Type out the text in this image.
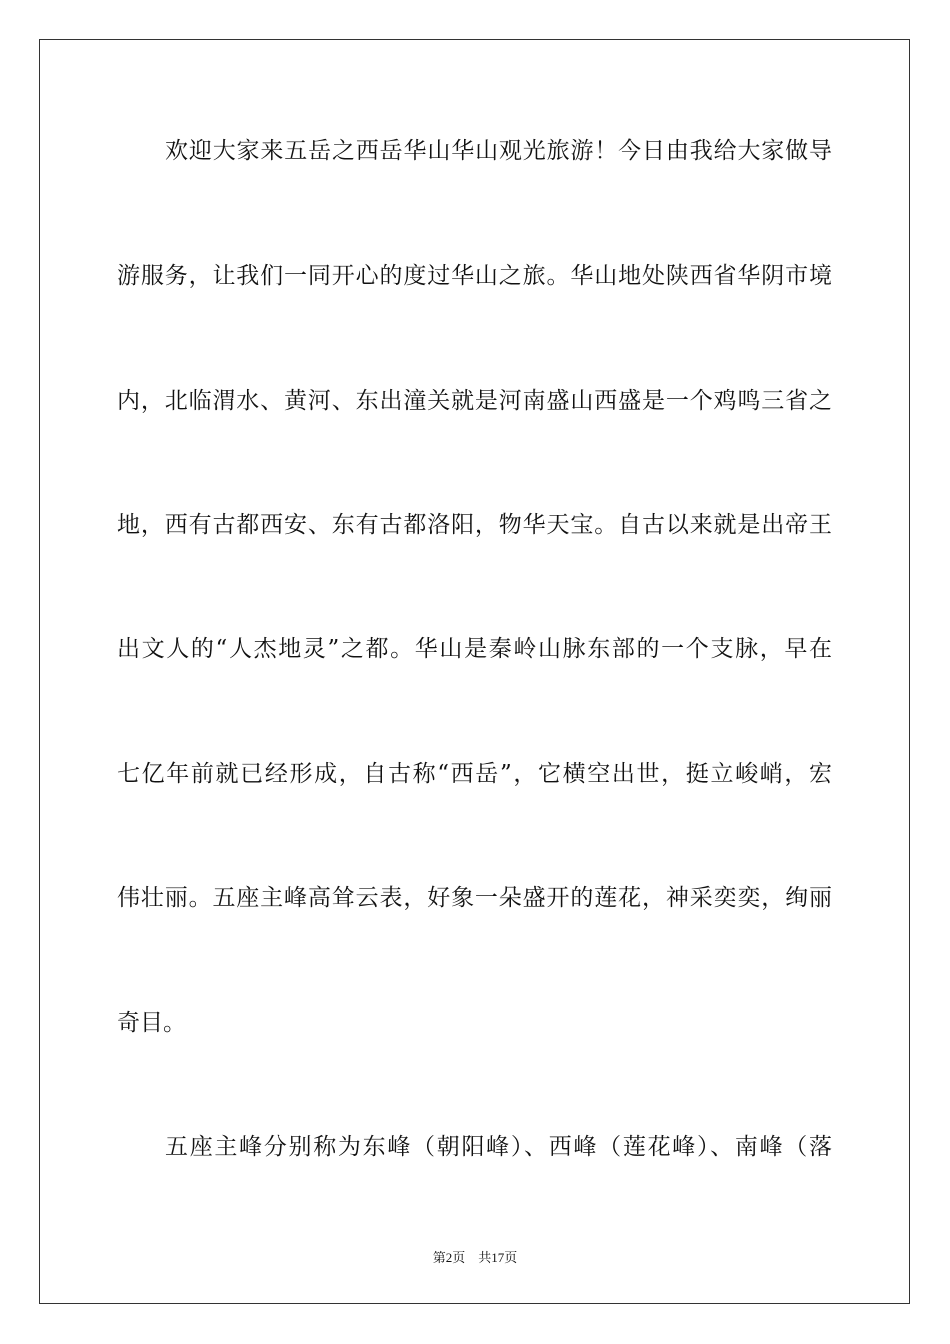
欢迎大家来五岳之西岳华山华山观光旅游！今日由我给大家做导
游服务，让我们一同开心的度过华山之旅。华山地处陕西省华阴市境
内，北临渭水、黄河、东出潼关就是河南盛山西盛是一个鸡鸣三省之
地，西有古都西安、东有古都洛阳，物华天宝。自古以来就是出帝王
出文人的“人杰地灵”之都。华山是秦岭山脉东部的一个支脉，早在
七亿年前就已经形成，自古称“西岳”，它横空出世，挺立峻峭，宏
伟壮丽。五座主峰高耸云表，好象一朵盛开的莲花，神采奕奕，绚丽
奇目。
五座主峰分别称为东峰（朝阳峰）、西峰（莲花峰）、南峰（落
第2页 共17页
